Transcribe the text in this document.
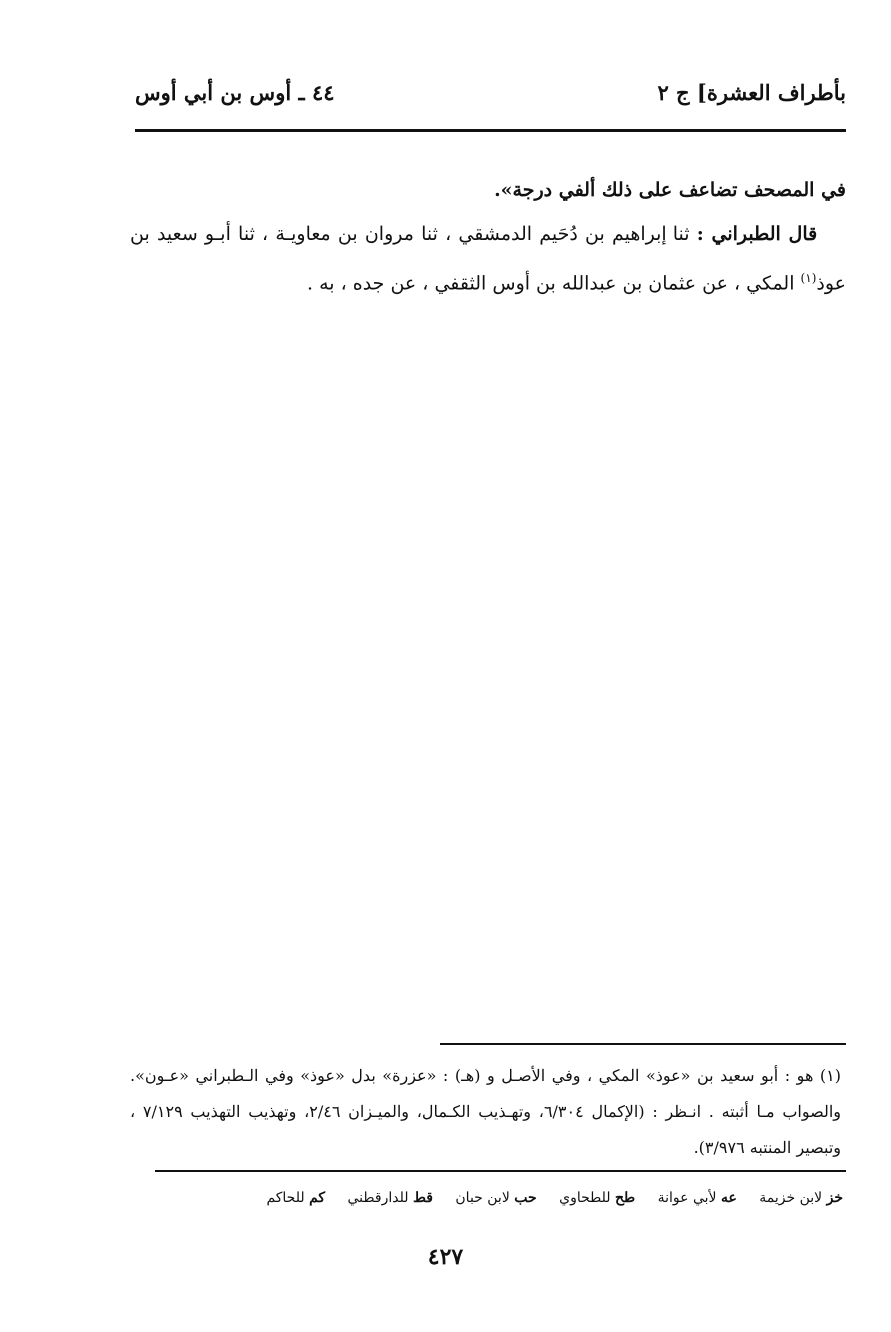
بأطراف العشرة] ج ٢
٤٤ ـ أوس بن أبي أوس

في المصحف تضاعف على ذلك ألفي درجة».

قال الطبراني : ثنا إبراهيم بن دُحَيم الدمشقي ، ثنا مروان بن معاويـة ، ثنا أبـو سعيد بن عوذ$^{(١)}$ المكي ، عن عثمان بن عبدالله بن أوس الثقفي ، عن جده ، به .

(١) هو : أبو سعيد بن «عوذ» المكي ، وفي الأصـل و (هـ) : «عزرة» بدل «عوذ» وفي الـطبراني «عـون». والصواب مـا أثبته . انـظر : (الإكمال ٦/٣٠٤، وتهـذيب الكـمال، والميـزان ٢/٤٦، وتهذيب التهذيب ٧/١٢٩ ، وتبصير المنتبه ٣/٩٧٦).

خز لابن خزيمة عه لأبي عوانة طح للطحاوي حب لابن حبان قط للدارقطني كم للحاكم
٤٢٧
